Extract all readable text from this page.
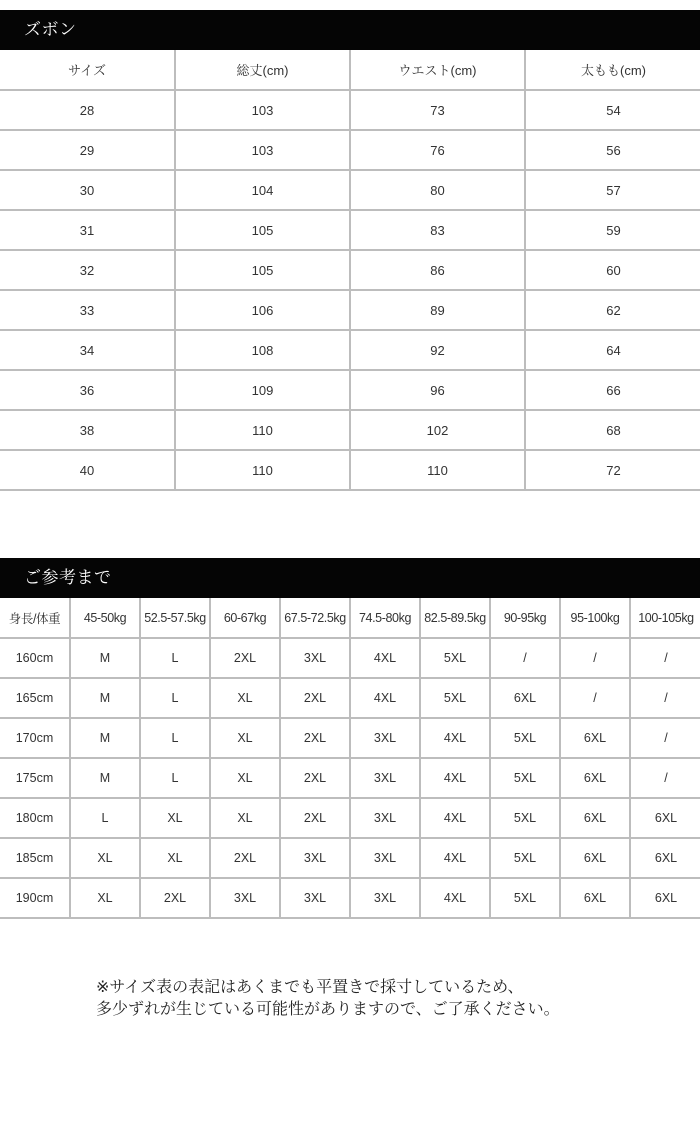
ズボン
サイズ	総丈(cm)	ウエスト(cm)	太もも(cm)
28	103	73	54
29	103	76	56
30	104	80	57
31	105	83	59
32	105	86	60
33	106	89	62
34	108	92	64
36	109	96	66
38	110	102	68
40	110	110	72
ご参考まで
身長/体重	45-50kg	52.5-57.5kg	60-67kg	67.5-72.5kg	74.5-80kg	82.5-89.5kg	90-95kg	95-100kg	100-105kg
160cm	M	L	2XL	3XL	4XL	5XL	/	/	/
165cm	M	L	XL	2XL	4XL	5XL	6XL	/	/
170cm	M	L	XL	2XL	3XL	4XL	5XL	6XL	/
175cm	M	L	XL	2XL	3XL	4XL	5XL	6XL	/
180cm	L	XL	XL	2XL	3XL	4XL	5XL	6XL	6XL
185cm	XL	XL	2XL	3XL	3XL	4XL	5XL	6XL	6XL
190cm	XL	2XL	3XL	3XL	3XL	4XL	5XL	6XL	6XL
※サイズ表の表記はあくまでも平置きで採寸しているため、
多少ずれが生じている可能性がありますので、ご了承ください。
